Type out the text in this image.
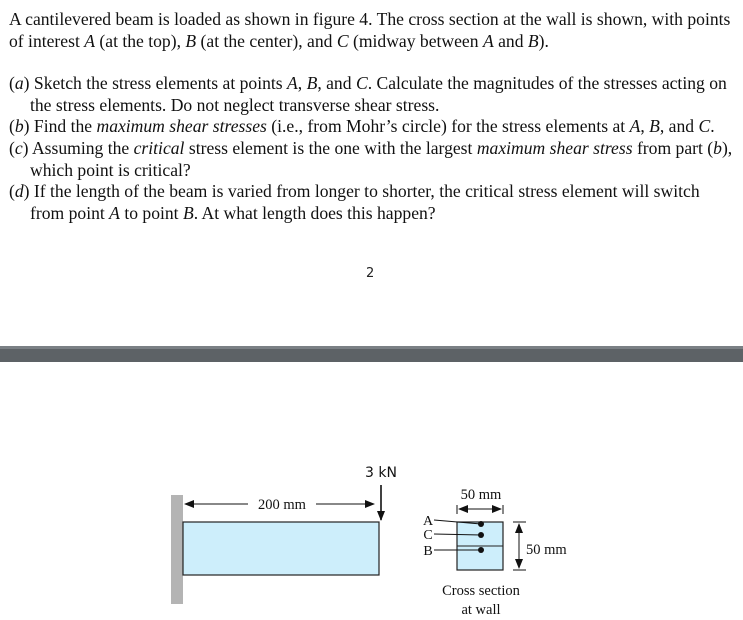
A cantilevered beam is loaded as shown in figure 4. The cross section at the wall is shown, with points of interest A (at the top), B (at the center), and C (midway between A and B).

(a) Sketch the stress elements at points A, B, and C. Calculate the magnitudes of the stresses acting on the stress elements. Do not neglect transverse shear stress.

(b) Find the maximum shear stresses (i.e., from Mohr’s circle) for the stress elements at A, B, and C.

(c) Assuming the critical stress element is the one with the largest maximum shear stress from part (b), which point is critical?

(d) If the length of the beam is varied from longer to shorter, the critical stress element will switch from point A to point B. At what length does this happen?

2
200 mm
3 kN
50 mm
A
C
B	50 mm
Cross section
at wall
